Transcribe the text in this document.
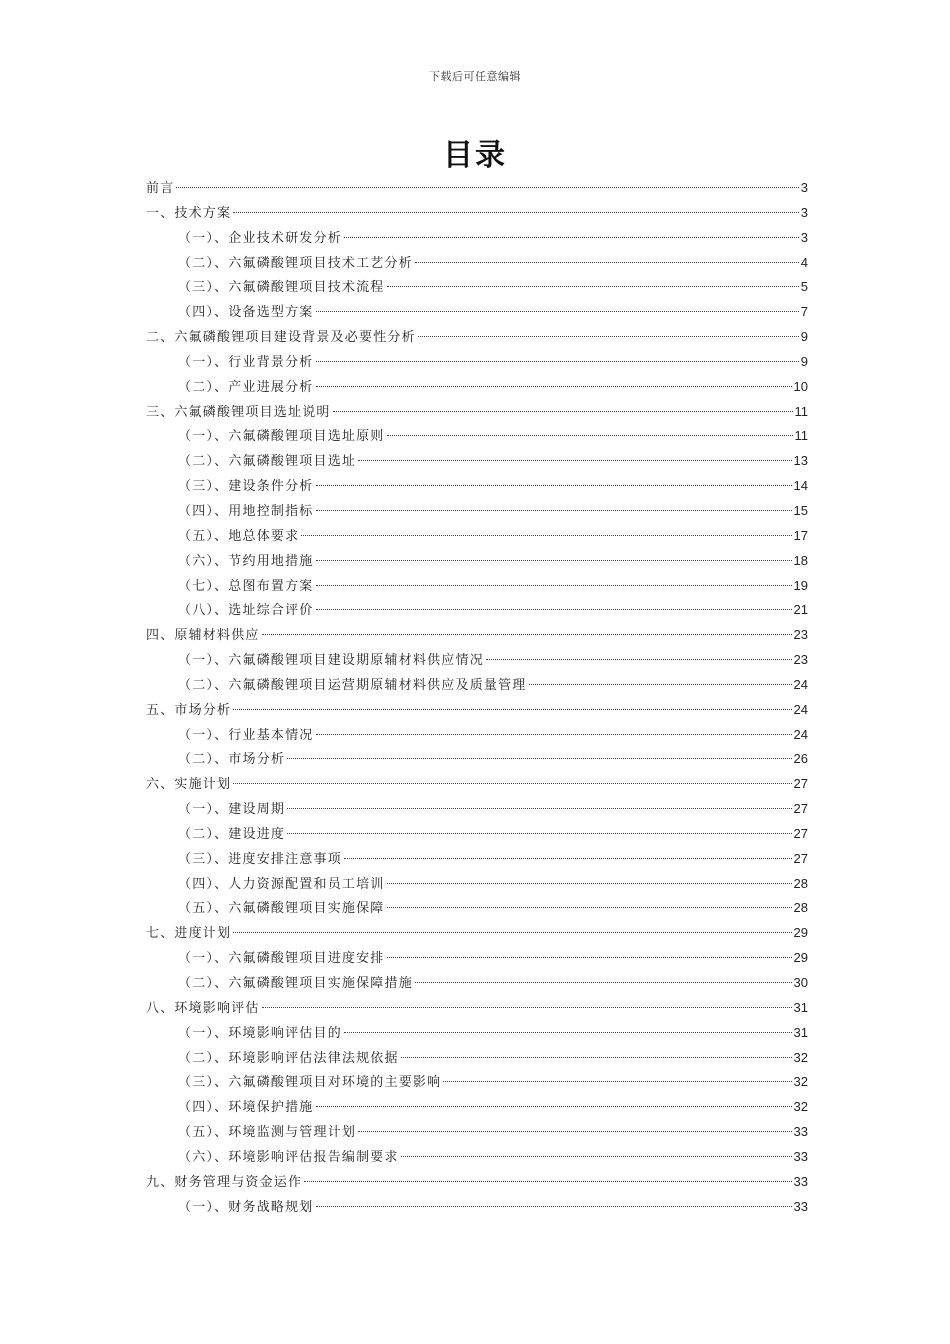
下载后可任意编辑
目录
前言	3
一、技术方案	3
（一）、企业技术研发分析	3
（二）、六氟磷酸锂项目技术工艺分析	4
（三）、六氟磷酸锂项目技术流程	5
（四）、设备选型方案	7
二、六氟磷酸锂项目建设背景及必要性分析	9
（一）、行业背景分析	9
（二）、产业进展分析	10
三、六氟磷酸锂项目选址说明	11
（一）、六氟磷酸锂项目选址原则	11
（二）、六氟磷酸锂项目选址	13
（三）、建设条件分析	14
（四）、用地控制指标	15
（五）、地总体要求	17
（六）、节约用地措施	18
（七）、总图布置方案	19
（八）、选址综合评价	21
四、原辅材料供应	23
（一）、六氟磷酸锂项目建设期原辅材料供应情况	23
（二）、六氟磷酸锂项目运营期原辅材料供应及质量管理	24
五、市场分析	24
（一）、行业基本情况	24
（二）、市场分析	26
六、实施计划	27
（一）、建设周期	27
（二）、建设进度	27
（三）、进度安排注意事项	27
（四）、人力资源配置和员工培训	28
（五）、六氟磷酸锂项目实施保障	28
七、进度计划	29
（一）、六氟磷酸锂项目进度安排	29
（二）、六氟磷酸锂项目实施保障措施	30
八、环境影响评估	31
（一）、环境影响评估目的	31
（二）、环境影响评估法律法规依据	32
（三）、六氟磷酸锂项目对环境的主要影响	32
（四）、环境保护措施	32
（五）、环境监测与管理计划	33
（六）、环境影响评估报告编制要求	33
九、财务管理与资金运作	33
（一）、财务战略规划	33
